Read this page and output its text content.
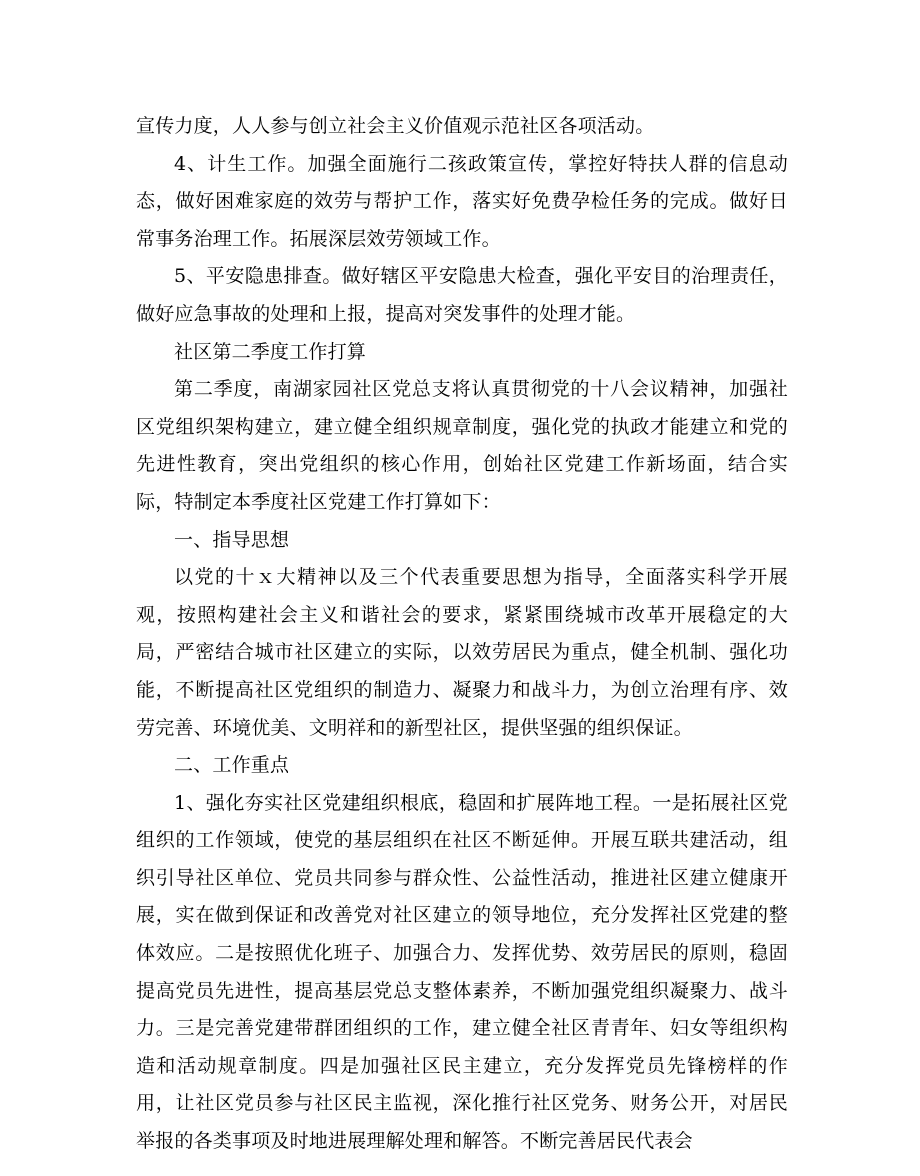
宣传力度，人人参与创立社会主义价值观示范社区各项活动。

4、计生工作。加强全面施行二孩政策宣传，掌控好特扶人群的信息动态，做好困难家庭的效劳与帮护工作，落实好免费孕检任务的完成。做好日常事务治理工作。拓展深层效劳领域工作。

5、平安隐患排查。做好辖区平安隐患大检查，强化平安目的治理责任，做好应急事故的处理和上报，提高对突发事件的处理才能。

社区第二季度工作打算

第二季度，南湖家园社区党总支将认真贯彻党的十八会议精神，加强社区党组织架构建立，建立健全组织规章制度，强化党的执政才能建立和党的先进性教育，突出党组织的核心作用，创始社区党建工作新场面，结合实际，特制定本季度社区党建工作打算如下：

一、指导思想

以党的十ｘ大精神以及三个代表重要思想为指导，全面落实科学开展观，按照构建社会主义和谐社会的要求，紧紧围绕城市改革开展稳定的大局，严密结合城市社区建立的实际，以效劳居民为重点，健全机制、强化功能，不断提高社区党组织的制造力、凝聚力和战斗力，为创立治理有序、效劳完善、环境优美、文明祥和的新型社区，提供坚强的组织保证。

二、工作重点

1、强化夯实社区党建组织根底，稳固和扩展阵地工程。一是拓展社区党组织的工作领域，使党的基层组织在社区不断延伸。开展互联共建活动，组织引导社区单位、党员共同参与群众性、公益性活动，推进社区建立健康开展，实在做到保证和改善党对社区建立的领导地位，充分发挥社区党建的整体效应。二是按照优化班子、加强合力、发挥优势、效劳居民的原则，稳固提高党员先进性，提高基层党总支整体素养，不断加强党组织凝聚力、战斗力。三是完善党建带群团组织的工作，建立健全社区青青年、妇女等组织构造和活动规章制度。四是加强社区民主建立，充分发挥党员先锋榜样的作用，让社区党员参与社区民主监视，深化推行社区党务、财务公开，对居民举报的各类事项及时地进展理解处理和解答。不断完善居民代表会
